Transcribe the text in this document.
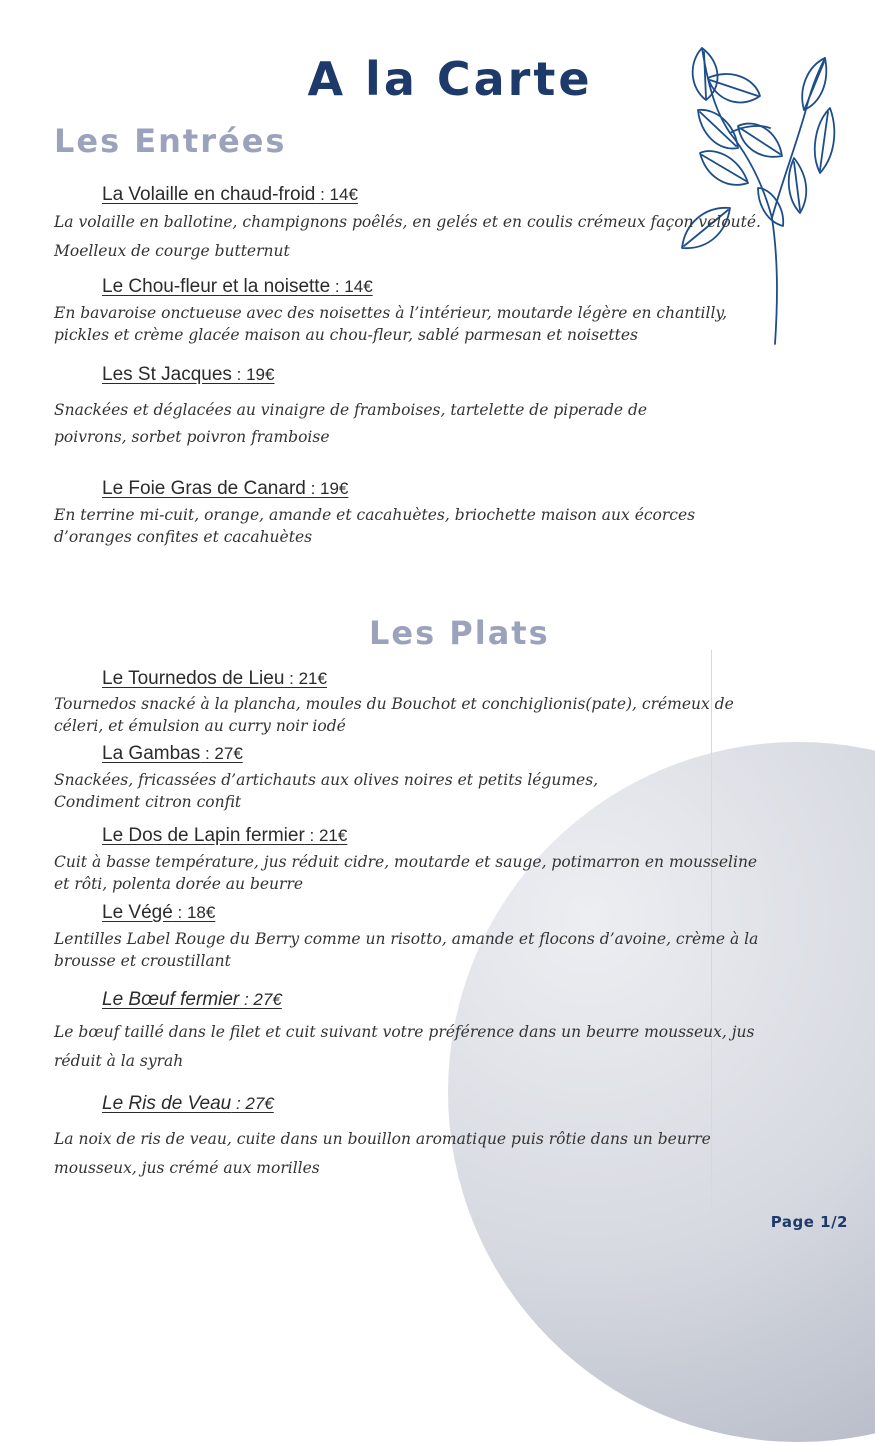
A la Carte
Les Entrées
La Volaille en chaud-froid : 14€
La volaille en ballotine, champignons poêlés, en gelés et en coulis crémeux façon velouté.
Moelleux de courge butternut
Le Chou-fleur et la noisette : 14€
En bavaroise onctueuse avec des noisettes à l’intérieur, moutarde légère en chantilly,
pickles et crème glacée maison au chou-fleur, sablé parmesan et noisettes
Les St Jacques : 19€
Snackées et déglacées au vinaigre de framboises, tartelette de piperade de
poivrons, sorbet poivron framboise
Le Foie Gras de Canard : 19€
En terrine mi-cuit, orange, amande et cacahuètes, briochette maison aux écorces
d’oranges confites et cacahuètes
Les Plats
Le Tournedos de Lieu : 21€
Tournedos snacké à la plancha, moules du Bouchot et conchiglionis(pate), crémeux de
céleri, et émulsion au curry noir iodé
La Gambas : 27€
Snackées, fricassées d’artichauts aux olives noires et petits légumes,
Condiment citron confit
Le Dos de Lapin fermier : 21€
Cuit à basse température, jus réduit cidre, moutarde et sauge, potimarron en mousseline
et rôti, polenta dorée au beurre
Le Végé : 18€
Lentilles Label Rouge du Berry comme un risotto, amande et flocons d’avoine, crème à la
brousse et croustillant
Le Bœuf fermier : 27€
Le bœuf taillé dans le filet et cuit suivant votre préférence dans un beurre mousseux, jus
réduit à la syrah
Le Ris de Veau : 27€
La noix de ris de veau, cuite dans un bouillon aromatique puis rôtie dans un beurre
mousseux, jus crémé aux morilles
Page 1/2
